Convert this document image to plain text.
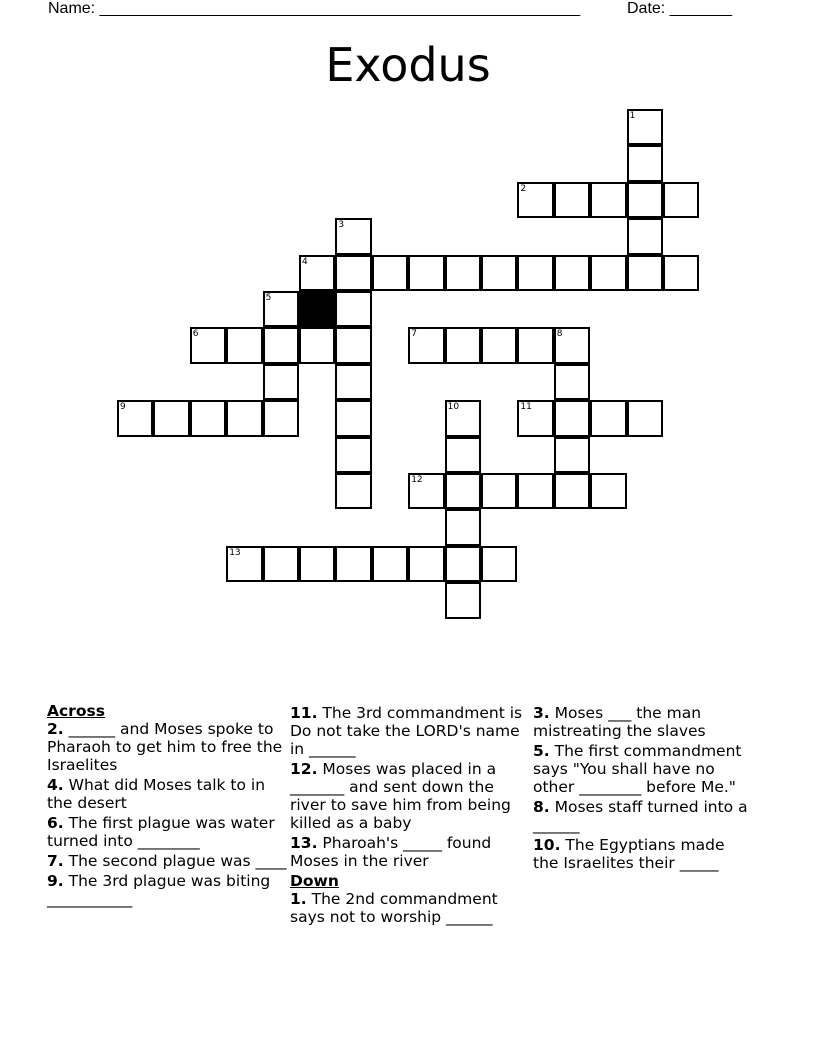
Name: ______________________________________________________	Date: _______
Exodus
1
2
3
4
5
6	7	8
9	10	11
12
13
Across
2. ______ and Moses spoke to Pharaoh to get him to free the Israelites
4. What did Moses talk to in the desert
6. The first plague was water turned into ________
7. The second plague was ____
9. The 3rd plague was biting ___________
11. The 3rd commandment is Do not take the LORD's name in ______
12. Moses was placed in a _______ and sent down the river to save him from being killed as a baby
13. Pharoah's _____ found Moses in the river
Down
1. The 2nd commandment says not to worship ______
3. Moses ___ the man mistreating the slaves
5. The first commandment says "You shall have no other ________ before Me."
8. Moses staff turned into a ______
10. The Egyptians made the Israelites their _____
